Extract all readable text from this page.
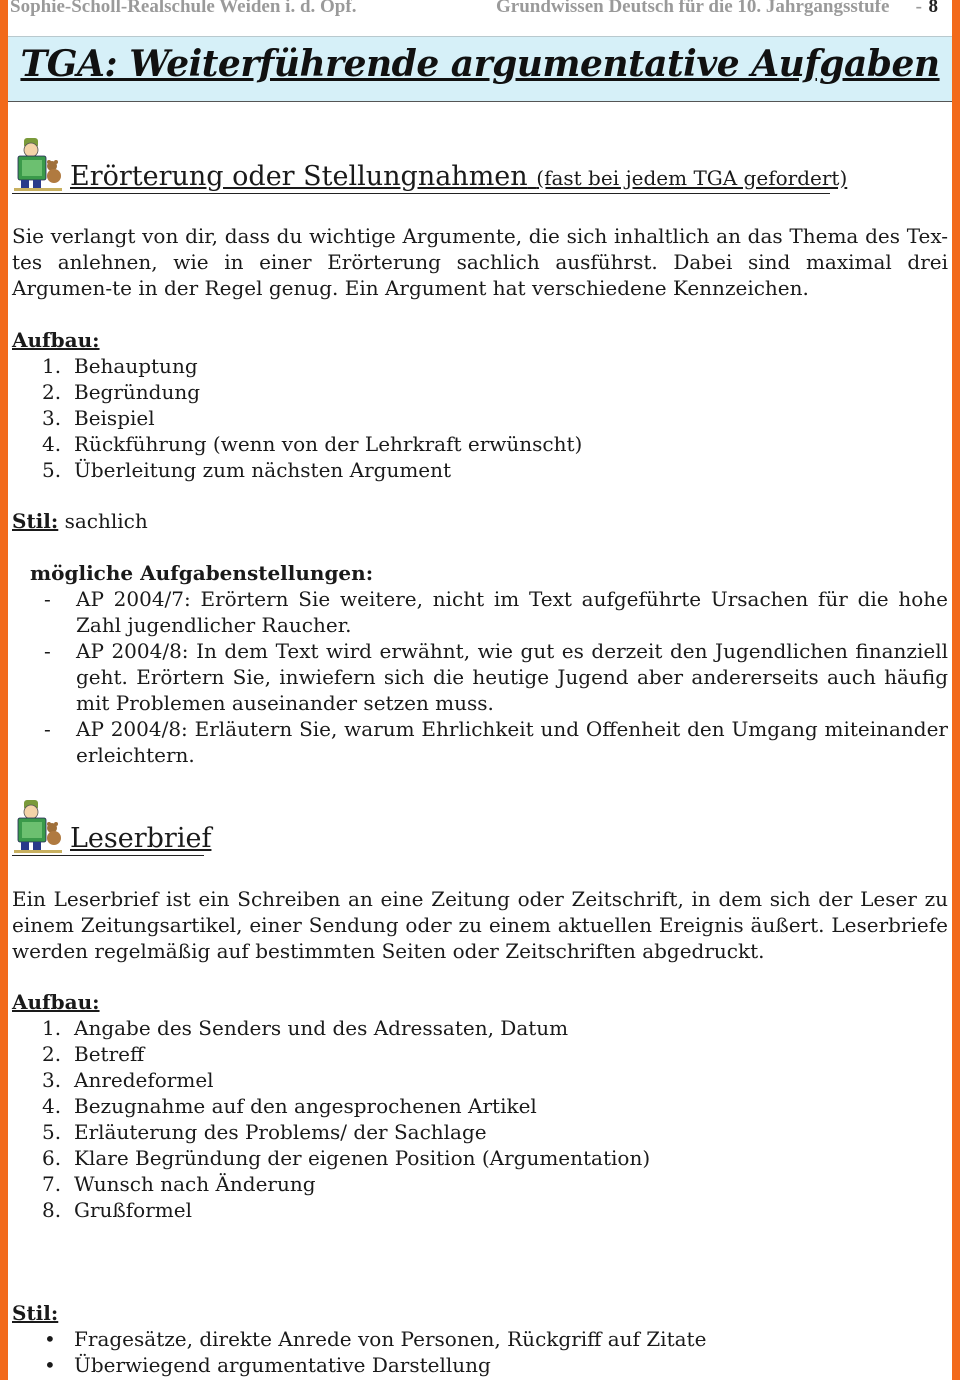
Sophie-Scholl-Realschule Weiden i. d. Opf.	Grundwissen Deutsch für die 10. Jahrgangsstufe - 8
TGA: Weiterführende argumentative Aufgaben
Erörterung oder Stellungnahmen (fast bei jedem TGA gefordert)

Sie verlangt von dir, dass du wichtige Argumente, die sich inhaltlich an das Thema des Tex-tes anlehnen, wie in einer Erörterung sachlich ausführst. Dabei sind maximal drei Argumen-te in der Regel genug. Ein Argument hat verschiedene Kennzeichen.

Aufbau:
1. Behauptung
2. Begründung
3. Beispiel
4. Rückführung (wenn von der Lehrkraft erwünscht)
5. Überleitung zum nächsten Argument
Stil: sachlich
mögliche Aufgabenstellungen:
- AP 2004/7: Erörtern Sie weitere, nicht im Text aufgeführte Ursachen für die hohe Zahl jugendlicher Raucher.
- AP 2004/8: In dem Text wird erwähnt, wie gut es derzeit den Jugendlichen finanziell geht. Erörtern Sie, inwiefern sich die heutige Jugend aber andererseits auch häufig mit Problemen auseinander setzen muss.
- AP 2004/8: Erläutern Sie, warum Ehrlichkeit und Offenheit den Umgang miteinander erleichtern.
Leserbrief

Ein Leserbrief ist ein Schreiben an eine Zeitung oder Zeitschrift, in dem sich der Leser zu einem Zeitungsartikel, einer Sendung oder zu einem aktuellen Ereignis äußert. Leserbriefe werden regelmäßig auf bestimmten Seiten oder Zeitschriften abgedruckt.

Aufbau:
1. Angabe des Senders und des Adressaten, Datum
2. Betreff
3. Anredeformel
4. Bezugnahme auf den angesprochenen Artikel
5. Erläuterung des Problems/ der Sachlage
6. Klare Begründung der eigenen Position (Argumentation)
7. Wunsch nach Änderung
8. Grußformel
Stil:
• Fragesätze, direkte Anrede von Personen, Rückgriff auf Zitate
• Überwiegend argumentative Darstellung
